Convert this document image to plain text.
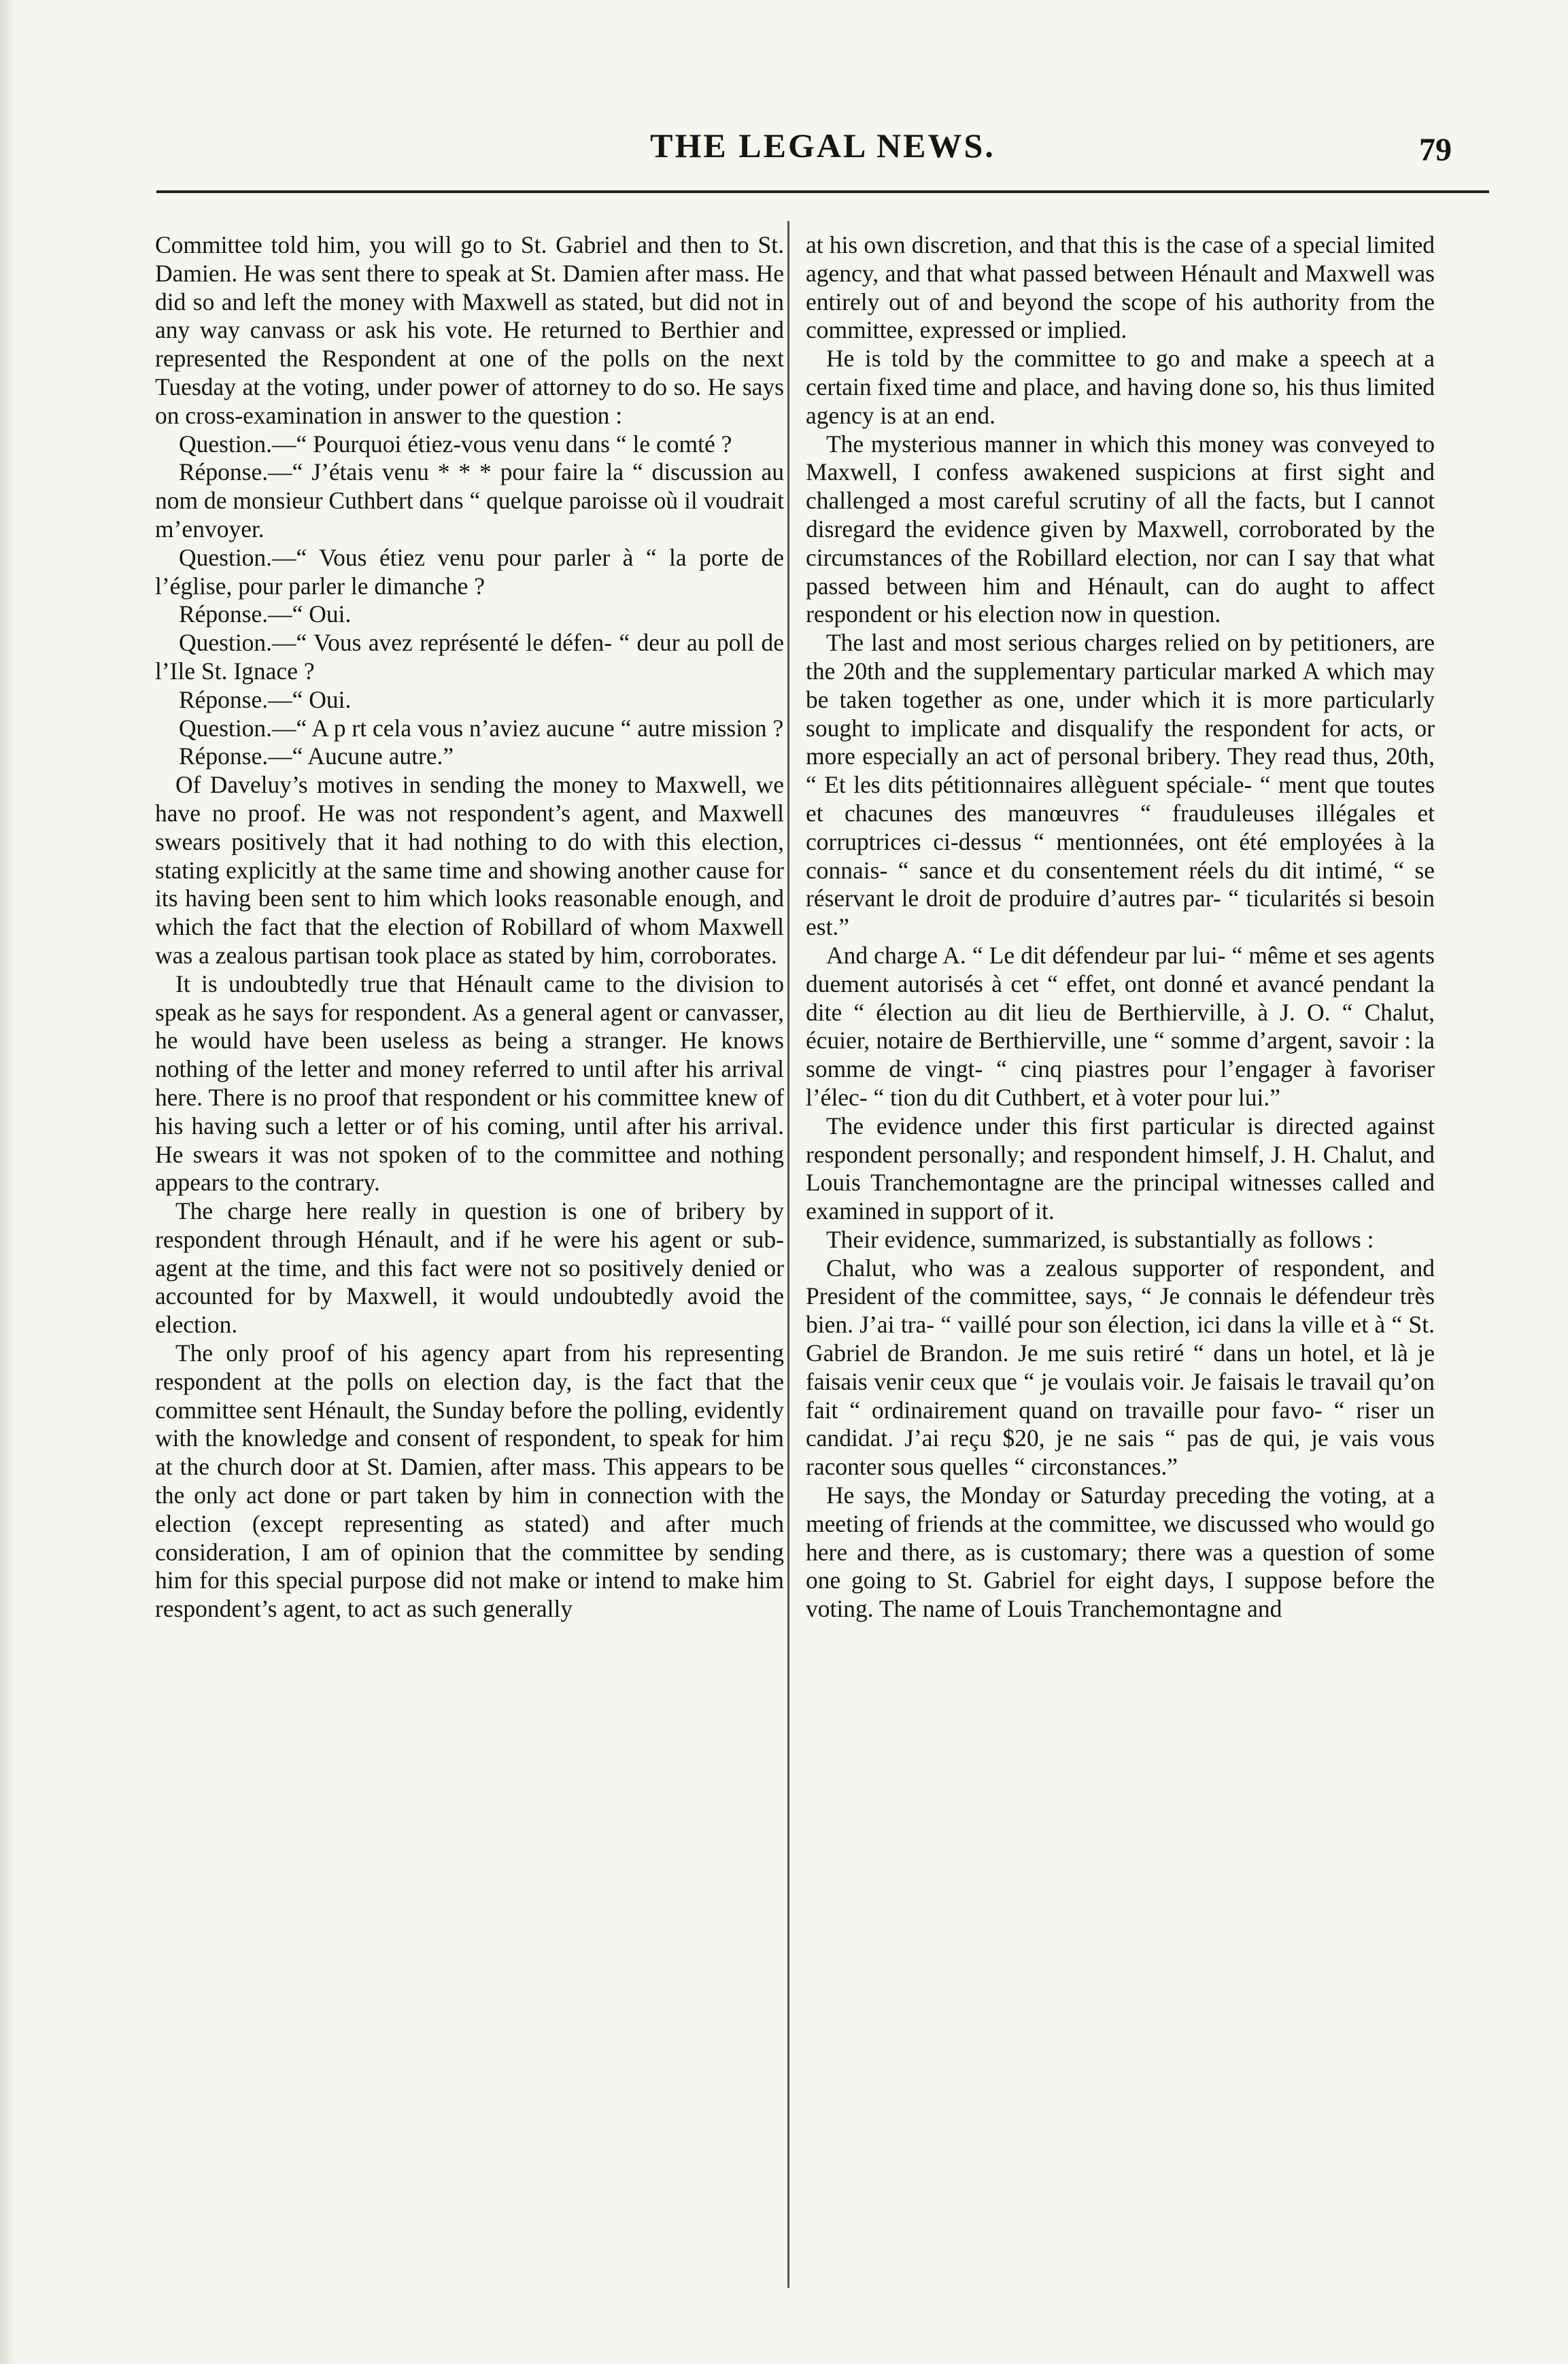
THE LEGAL NEWS.	79

Committee told him, you will go to St. Gabriel and then to St. Damien. He was sent there to speak at St. Damien after mass. He did so and left the money with Maxwell as stated, but did not in any way canvass or ask his vote. He returned to Berthier and represented the Respondent at one of the polls on the next Tuesday at the voting, under power of attorney to do so. He says on cross-examination in answer to the question :

Question.—“ Pourquoi étiez-vous venu dans “ le comté ?

Réponse.—“ J’étais venu * * * pour faire la “ discussion au nom de monsieur Cuthbert dans “ quelque paroisse où il voudrait m’envoyer.

Question.—“ Vous étiez venu pour parler à “ la porte de l’église, pour parler le dimanche ?

Réponse.—“ Oui.

Question.—“ Vous avez représenté le défen- “ deur au poll de l’Ile St. Ignace ?

Réponse.—“ Oui.

Question.—“ A p rt cela vous n’aviez aucune “ autre mission ?

Réponse.—“ Aucune autre.”

Of Daveluy’s motives in sending the money to Maxwell, we have no proof. He was not respondent’s agent, and Maxwell swears positively that it had nothing to do with this election, stating explicitly at the same time and showing another cause for its having been sent to him which looks reasonable enough, and which the fact that the election of Robillard of whom Maxwell was a zealous partisan took place as stated by him, corroborates.

It is undoubtedly true that Hénault came to the division to speak as he says for respondent. As a general agent or canvasser, he would have been useless as being a stranger. He knows nothing of the letter and money referred to until after his arrival here. There is no proof that respondent or his committee knew of his having such a letter or of his coming, until after his arrival. He swears it was not spoken of to the committee and nothing appears to the contrary.

The charge here really in question is one of bribery by respondent through Hénault, and if he were his agent or sub-agent at the time, and this fact were not so positively denied or accounted for by Maxwell, it would undoubtedly avoid the election.

The only proof of his agency apart from his representing respondent at the polls on election day, is the fact that the committee sent Hénault, the Sunday before the polling, evidently with the knowledge and consent of respondent, to speak for him at the church door at St. Damien, after mass. This appears to be the only act done or part taken by him in connection with the election (except representing as stated) and after much consideration, I am of opinion that the committee by sending him for this special purpose did not make or intend to make him respondent’s agent, to act as such generally

at his own discretion, and that this is the case of a special limited agency, and that what passed between Hénault and Maxwell was entirely out of and beyond the scope of his authority from the committee, expressed or implied.

He is told by the committee to go and make a speech at a certain fixed time and place, and having done so, his thus limited agency is at an end.

The mysterious manner in which this money was conveyed to Maxwell, I confess awakened suspicions at first sight and challenged a most careful scrutiny of all the facts, but I cannot disregard the evidence given by Maxwell, corroborated by the circumstances of the Robillard election, nor can I say that what passed between him and Hénault, can do aught to affect respondent or his election now in question.

The last and most serious charges relied on by petitioners, are the 20th and the supplementary particular marked A which may be taken together as one, under which it is more particularly sought to implicate and disqualify the respondent for acts, or more especially an act of personal bribery. They read thus, 20th, “ Et les dits pétitionnaires allèguent spéciale- “ ment que toutes et chacunes des manœuvres “ frauduleuses illégales et corruptrices ci-dessus “ mentionnées, ont été employées à la connais- “ sance et du consentement réels du dit intimé, “ se réservant le droit de produire d’autres par- “ ticularités si besoin est.”

And charge A. “ Le dit défendeur par lui- “ même et ses agents duement autorisés à cet “ effet, ont donné et avancé pendant la dite “ élection au dit lieu de Berthierville, à J. O. “ Chalut, écuier, notaire de Berthierville, une “ somme d’argent, savoir : la somme de vingt- “ cinq piastres pour l’engager à favoriser l’élec- “ tion du dit Cuthbert, et à voter pour lui.”

The evidence under this first particular is directed against respondent personally; and respondent himself, J. H. Chalut, and Louis Tranchemontagne are the principal witnesses called and examined in support of it.

Their evidence, summarized, is substantially as follows :

Chalut, who was a zealous supporter of respondent, and President of the committee, says, “ Je connais le défendeur très bien. J’ai tra- “ vaillé pour son élection, ici dans la ville et à “ St. Gabriel de Brandon. Je me suis retiré “ dans un hotel, et là je faisais venir ceux que “ je voulais voir. Je faisais le travail qu’on fait “ ordinairement quand on travaille pour favo- “ riser un candidat. J’ai reçu $20, je ne sais “ pas de qui, je vais vous raconter sous quelles “ circonstances.”

He says, the Monday or Saturday preceding the voting, at a meeting of friends at the committee, we discussed who would go here and there, as is customary; there was a question of some one going to St. Gabriel for eight days, I suppose before the voting. The name of Louis Tranchemontagne and
